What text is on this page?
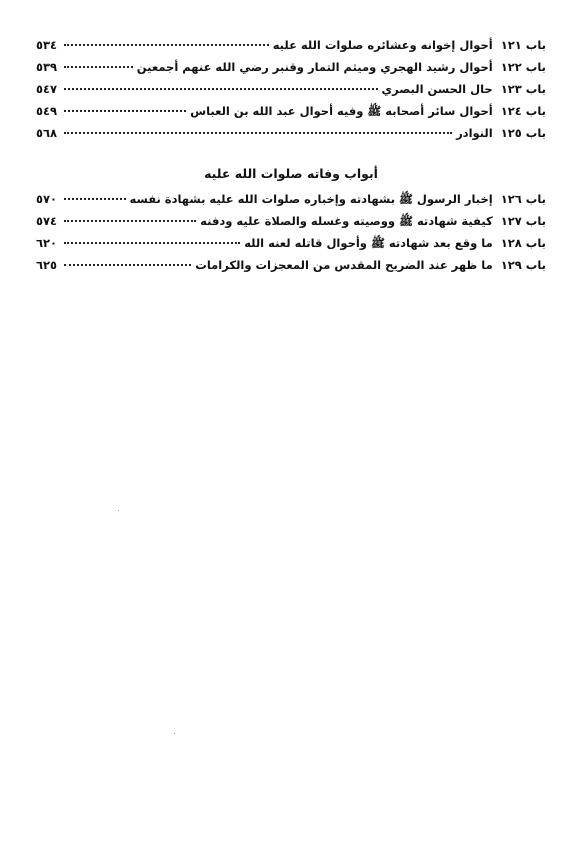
باب ١٢١ أحوال إخوانه وعشائره صلوات الله عليه
٥٣٤
باب ١٢٢ أحوال رشيد الهجري وميثم التمار وقنبر رضي الله عنهم أجمعين
٥٣٩
باب ١٢٣ حال الحسن البصري
٥٤٧
باب ١٢٤ أحوال سائر أصحابه ﷺ وفيه أحوال عبد الله بن العباس
٥٤٩
باب ١٢٥ النوادر
٥٦٨
أبواب وفاته صلوات الله عليه
باب ١٢٦ إخبار الرسول ﷺ بشهادته وإخباره صلوات الله عليه بشهادة نفسه
٥٧٠
باب ١٢٧ كيفية شهادته ﷺ ووصيته وغسله والصلاة عليه ودفنه
٥٧٤
باب ١٢٨ ما وقع بعد شهادته ﷺ وأحوال قاتله لعنه الله
٦٢٠
باب ١٢٩ ما ظهر عند الضريح المقدس من المعجزات والكرامات
٦٢٥
